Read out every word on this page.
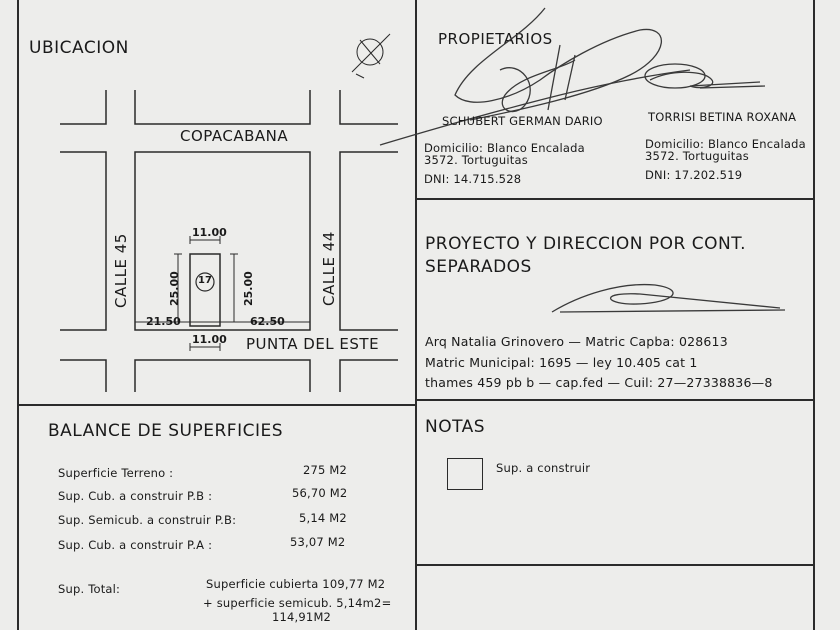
UBICACION
COPACABANA
PUNTA DEL ESTE
CALLE 45	CALLE 44
17
11.00
11.00
25.00	25.00
21.50	62.50
PROPIETARIOS
SCHUBERT GERMAN DARIO
Domicilio: Blanco Encalada
3572. Tortuguitas
DNI: 14.715.528
TORRISI BETINA ROXANA
Domicilio: Blanco Encalada
3572. Tortuguitas
DNI: 17.202.519
PROYECTO Y DIRECCION POR CONT.
SEPARADOS
Arq Natalia Grinovero — Matric Capba: 028613
Matric Municipal: 1695 — ley 10.405 cat 1
thames 459 pb b — cap.fed — Cuil: 27—27338836—8
BALANCE DE SUPERFICIES
Superficie Terreno :	275 M2
Sup. Cub. a construir P.B :	56,70 M2
Sup. Semicub. a construir P.B:	5,14 M2
Sup. Cub. a construir P.A :	53,07 M2
Sup. Total:	Superficie cubierta 109,77 M2
+ superficie semicub. 5,14m2=
114,91M2
NOTAS
Sup. a construir
